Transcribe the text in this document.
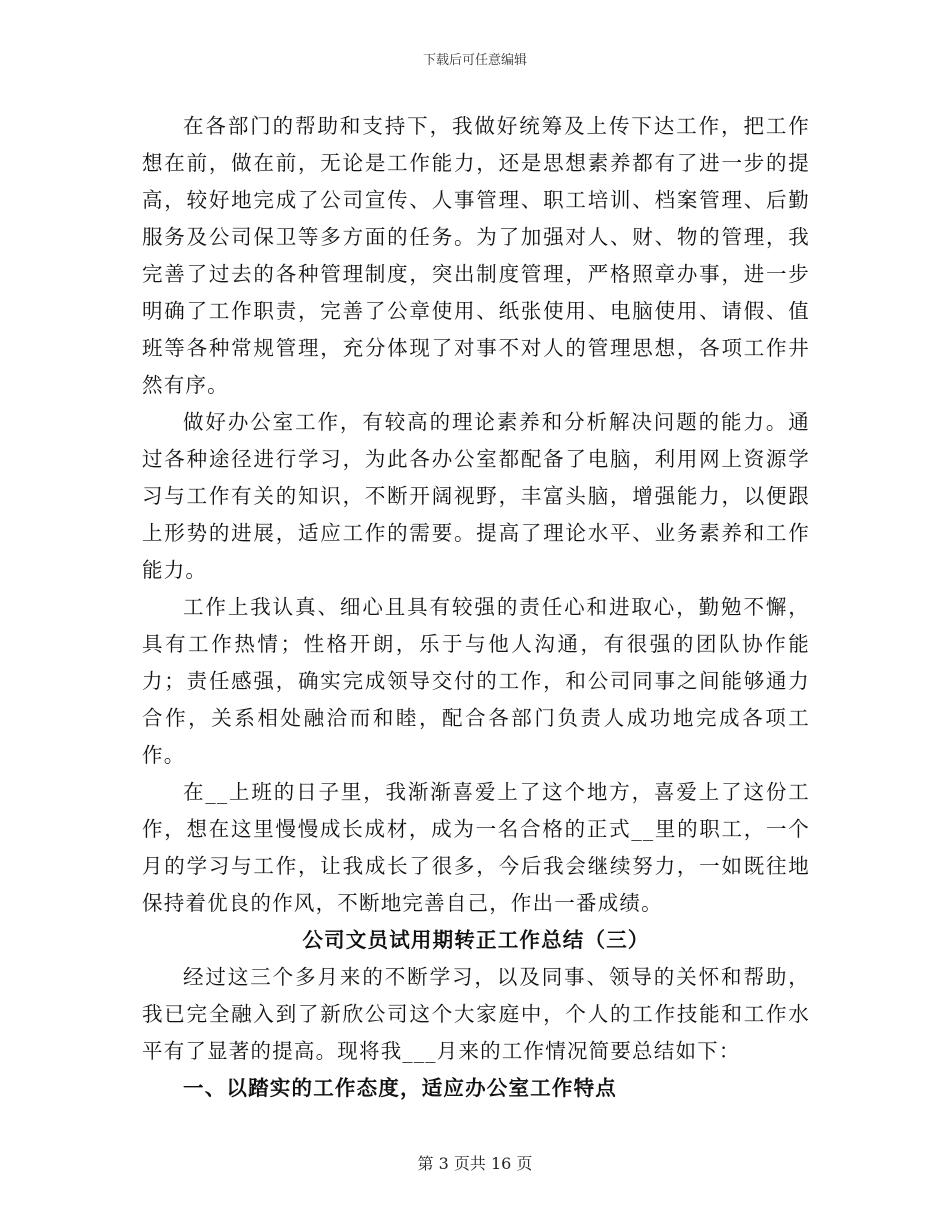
下载后可任意编辑

在各部门的帮助和支持下，我做好统筹及上传下达工作，把工作想在前，做在前，无论是工作能力，还是思想素养都有了进一步的提高，较好地完成了公司宣传、人事管理、职工培训、档案管理、后勤服务及公司保卫等多方面的任务。为了加强对人、财、物的管理，我完善了过去的各种管理制度，突出制度管理，严格照章办事，进一步明确了工作职责，完善了公章使用、纸张使用、电脑使用、请假、值班等各种常规管理，充分体现了对事不对人的管理思想，各项工作井然有序。

做好办公室工作，有较高的理论素养和分析解决问题的能力。通过各种途径进行学习，为此各办公室都配备了电脑，利用网上资源学习与工作有关的知识，不断开阔视野，丰富头脑，增强能力，以便跟上形势的进展，适应工作的需要。提高了理论水平、业务素养和工作能力。

工作上我认真、细心且具有较强的责任心和进取心，勤勉不懈，具有工作热情；性格开朗，乐于与他人沟通，有很强的团队协作能力；责任感强，确实完成领导交付的工作，和公司同事之间能够通力合作，关系相处融洽而和睦，配合各部门负责人成功地完成各项工作。

在__上班的日子里，我渐渐喜爱上了这个地方，喜爱上了这份工作，想在这里慢慢成长成材，成为一名合格的正式__里的职工，一个月的学习与工作，让我成长了很多，今后我会继续努力，一如既往地保持着优良的作风，不断地完善自己，作出一番成绩。

公司文员试用期转正工作总结（三）

经过这三个多月来的不断学习，以及同事、领导的关怀和帮助，我已完全融入到了新欣公司这个大家庭中，个人的工作技能和工作水平有了显著的提高。现将我___月来的工作情况简要总结如下：

一、以踏实的工作态度，适应办公室工作特点

第 3 页共 16 页
